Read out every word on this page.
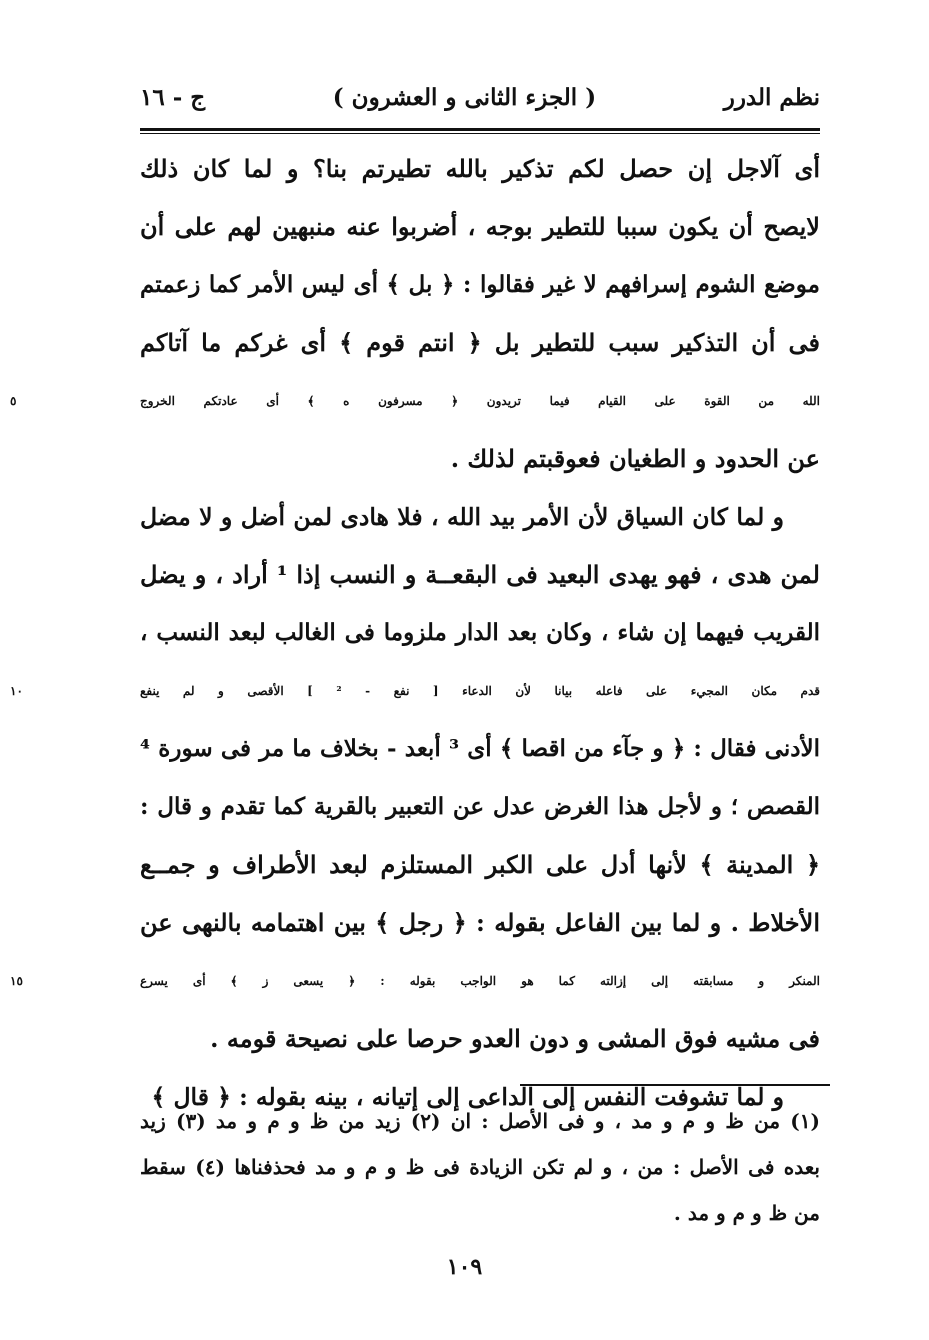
نظم الدرر
( الجزء الثانى و العشرون )
ج - ١٦
أى آلاجل إن حصل لكم تذكير بالله تطيرتم بنا؟ و لما كان ذلك
لايصح أن يكون سببا للتطير بوجه ، أضربوا عنه منبهين لهم على أن
موضع الشوم إسرافهم لا غير فقالوا : ﴿ بل ﴾ أى ليس الأمر كما زعمتم
فى أن التذكير سبب للتطير بل ﴿ انتم قوم ﴾ أى غركم ما آتاكم
الله من القوة على القيام فيما تريدون ﴿ مسرفون ه ﴾ أى عادتكم الخروج
٥
عن الحدود و الطغيان فعوقبتم لذلك .
و لما كان السياق لأن الأمر بيد الله ، فلا هادى لمن أضل و لا مضل
لمن هدى ، فهو يهدى البعيد فى البقعــة و النسب إذا ¹ أراد ، و يضل
القريب فيهما إن شاء ، وكان بعد الدار ملزوما فى الغالب لبعد النسب ،
قدم مكان المجيء على فاعله بيانا لأن الدعاء [ نفع - ² ] الأقصى و لم ينفع
١٠
الأدنى فقال : ﴿ و جآء من اقصا ﴾ أى ³ أبعد - بخلاف ما مر فى سورة ⁴
القصص ؛ و لأجل هذا الغرض عدل عن التعبير بالقرية كما تقدم و قال :
﴿ المدينة ﴾ لأنها أدل على الكبر المستلزم لبعد الأطراف و جمــع
الأخلاط . و لما بين الفاعل بقوله : ﴿ رجل ﴾ بين اهتمامه بالنهى عن
المنكر و مسابقته إلى إزالته كما هو الواجب بقوله : ﴿ يسعى ز ﴾ أى يسرع
١٥
فى مشيه فوق المشى و دون العدو حرصا على نصيحة قومه .
و لما تشوفت النفس إلى الداعى إلى إتيانه ، بينه بقوله : ﴿ قال ﴾
(١) من ظ و م و مد ، و فى الأصل : ان (٢) زيد من ظ و م و مد (٣) زيد
بعده فى الأصل : من ، و لم تكن الزيادة فى ظ و م و مد فحذفناها (٤) سقط
من ظ و م و مد .
١٠٩
